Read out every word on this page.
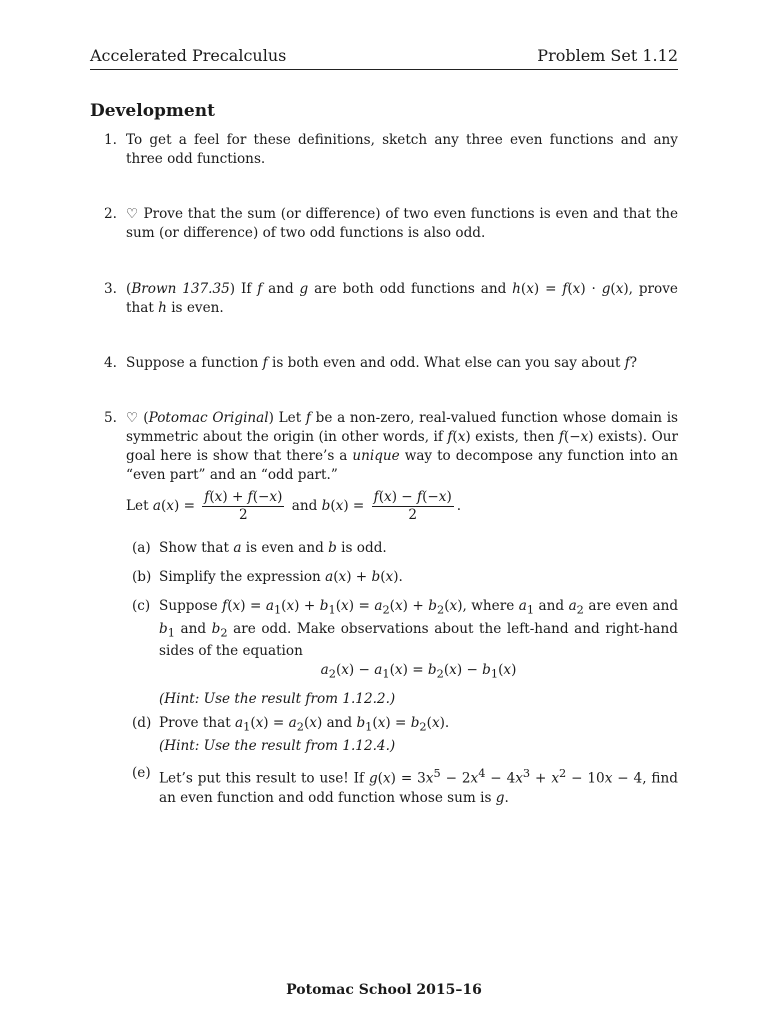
Accelerated Precalculus	Problem Set 1.12
Development
1. To get a feel for these definitions, sketch any three even functions and any three odd functions.
2. ♡ Prove that the sum (or difference) of two even functions is even and that the sum (or difference) of two odd functions is also odd.
3. (Brown 137.35) If f and g are both odd functions and h(x) = f(x) · g(x), prove that h is even.
4. Suppose a function f is both even and odd. What else can you say about f?
5. ♡ (Potomac Original) Let f be a non-zero, real-valued function whose domain is symmetric about the origin (in other words, if f(x) exists, then f(−x) exists). Our goal here is show that there’s a unique way to decompose any function into an “even part” and an “odd part.”
Let $a(x) = \frac{f(x) + f(-x)}{2}$ and $b(x) = \frac{f(x) - f(-x)}{2}$ .
(a) Show that a is even and b is odd.
(b) Simplify the expression a(x) + b(x).
(c) Suppose $f(x) = a_1(x) + b_1(x) = a_2(x) + b_2(x)$, where $a_1$ and $a_2$ are even and $b_1$ and $b_2$ are odd. Make observations about the left-hand and right-hand sides of the equation
$a_2(x) - a_1(x) = b_2(x) - b_1(x)$
(Hint: Use the result from 1.12.2.)
(d) Prove that $a_1(x) = a_2(x)$ and $b_1(x) = b_2(x)$.
(Hint: Use the result from 1.12.4.)
(e) Let’s put this result to use! If $g(x) = 3x^5 - 2x^4 - 4x^3 + x^2 - 10x - 4$, find an even function and odd function whose sum is g.
Potomac School 2015–16
